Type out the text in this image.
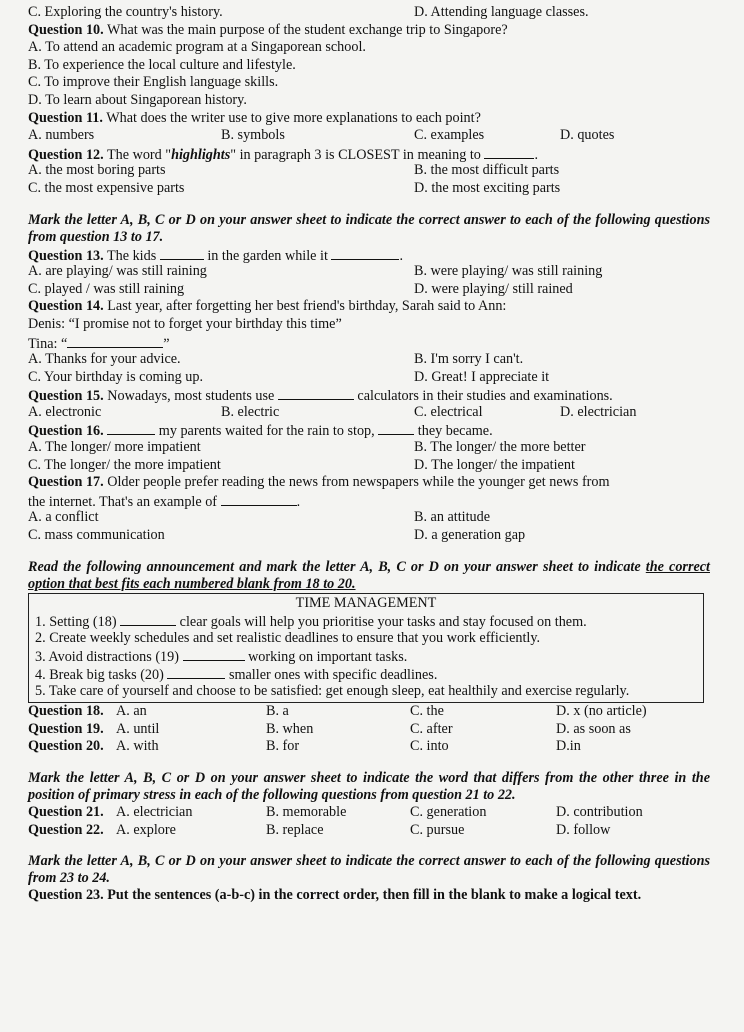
C. Exploring the country's history.	D. Attending language classes.
Question 10. What was the main purpose of the student exchange trip to Singapore?
A. To attend an academic program at a Singaporean school.
B. To experience the local culture and lifestyle.
C. To improve their English language skills.
D. To learn about Singaporean history.
Question 11. What does the writer use to give more explanations to each point?
A. numbers	B. symbols	C. examples	D. quotes
Question 12. The word "highlights" in paragraph 3 is CLOSEST in meaning to	.
A. the most boring parts	B. the most difficult parts
C. the most expensive parts	D. the most exciting parts
Mark the letter A, B, C or D on your answer sheet to indicate the correct answer to each of the following questions from question 13 to 17.
Question 13. The kids	in the garden while it	.
A. are playing/ was still raining	B. were playing/ was still raining
C. played / was still raining	D. were playing/ still rained
Question 14. Last year, after forgetting her best friend's birthday, Sarah said to Ann:
Denis: “I promise not to forget your birthday this time”
Tina: “	”
A. Thanks for your advice.	B. I'm sorry I can't.
C. Your birthday is coming up.	D. Great! I appreciate it
Question 15. Nowadays, most students use	calculators in their studies and examinations.
A. electronic	B. electric	C. electrical	D. electrician
Question 16.	my parents waited for the rain to stop,	they became.
A. The longer/ more impatient	B. The longer/ the more better
C. The longer/ the more impatient	D. The longer/ the impatient
Question 17. Older people prefer reading the news from newspapers while the younger get news from
the internet. That's an example of	.
A. a conflict	B. an attitude
C. mass communication	D. a generation gap
Read the following announcement and mark the letter A, B, C or D on your answer sheet to indicate the correct option that best fits each numbered blank from 18 to 20.
TIME MANAGEMENT
1. Setting (18)	clear goals will help you prioritise your tasks and stay focused on them.
2. Create weekly schedules and set realistic deadlines to ensure that you work efficiently.
3. Avoid distractions (19)	working on important tasks.
4. Break big tasks (20)	smaller ones with specific deadlines.
5. Take care of yourself and choose to be satisfied: get enough sleep, eat healthily and exercise regularly.
Question 18. A. an	B. a	C. the	D. x (no article)
Question 19. A. until	B. when	C. after	D. as soon as
Question 20. A. with	B. for	C. into	D.in
Mark the letter A, B, C or D on your answer sheet to indicate the word that differs from the other three in the position of primary stress in each of the following questions from question 21 to 22.
Question 21. A. electrician	B. memorable	C. generation	D. contribution
Question 22. A. explore	B. replace	C. pursue	D. follow
Mark the letter A, B, C or D on your answer sheet to indicate the correct answer to each of the following questions from 23 to 24.
Question 23. Put the sentences (a-b-c) in the correct order, then fill in the blank to make a logical text.
